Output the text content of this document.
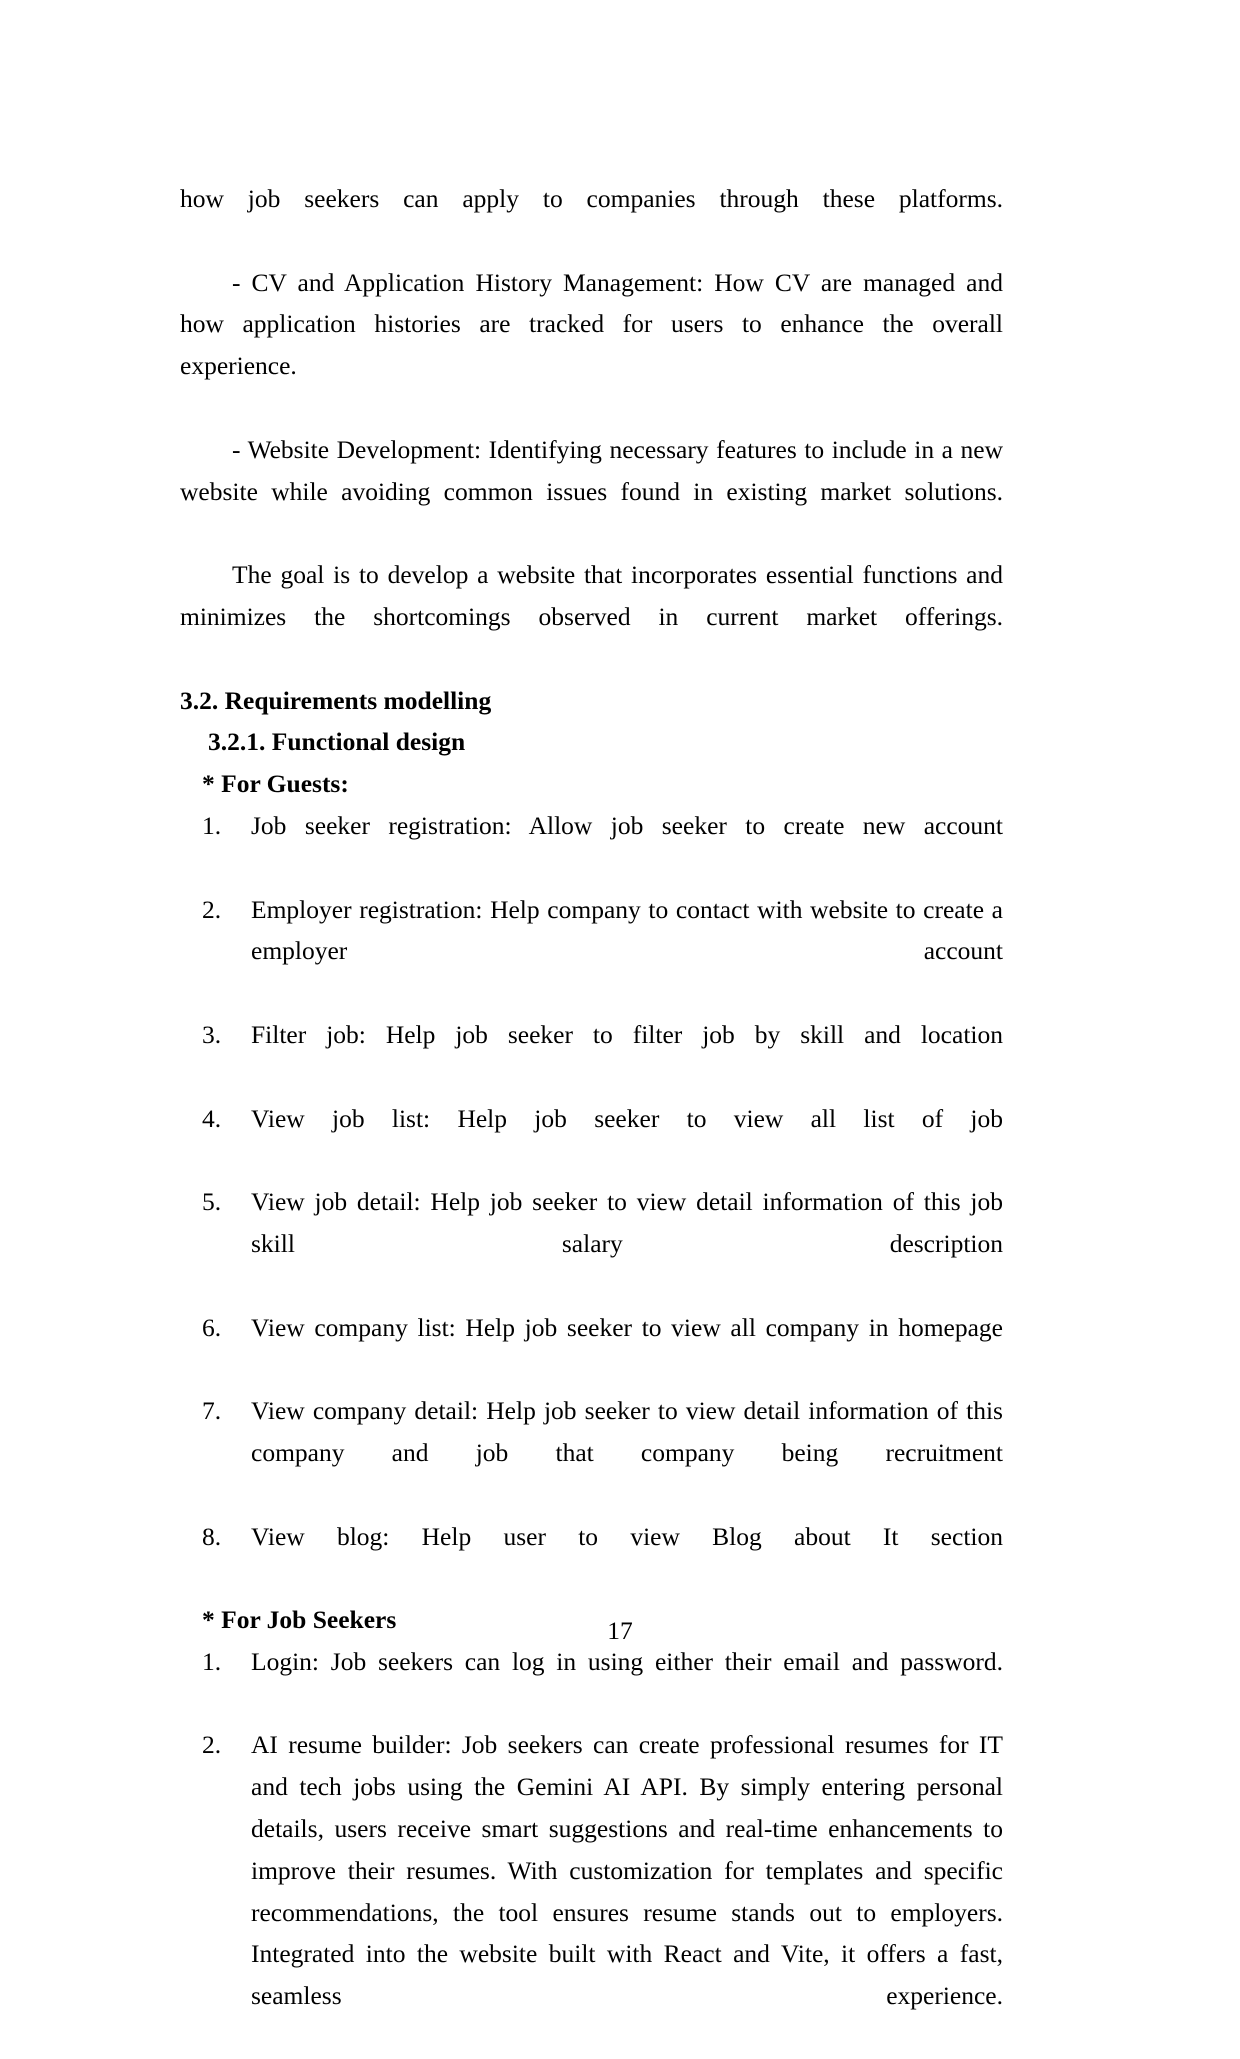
how job seekers can apply to companies through these platforms.

- CV and Application History Management: How CV are managed and how application histories are tracked for users to enhance the overall experience.

- Website Development: Identifying necessary features to include in a new website while avoiding common issues found in existing market solutions.

The goal is to develop a website that incorporates essential functions and minimizes the shortcomings observed in current market offerings.

3.2. Requirements modelling
3.2.1. Functional design
* For Guests:
1.	Job seeker registration: Allow job seeker to create new account
2.	Employer registration: Help company to contact with website to create a employer account
3.	Filter job: Help job seeker to filter job by skill and location
4.	View job list: Help job seeker to view all list of job
5.	View job detail: Help job seeker to view detail information of this job skill salary description
6.	View company list: Help job seeker to view all company in homepage
7.	View company detail: Help job seeker to view detail information of this company and job that company being recruitment
8.	View blog: Help user to view Blog about It section
* For Job Seekers
1.	Login: Job seekers can log in using either their email and password.
2.	AI resume builder: Job seekers can create professional resumes for IT and tech jobs using the Gemini AI API. By simply entering personal details, users receive smart suggestions and real-time enhancements to improve their resumes. With customization for templates and specific recommendations, the tool ensures resume stands out to employers. Integrated into the website built with React and Vite, it offers a fast, seamless experience.
17
